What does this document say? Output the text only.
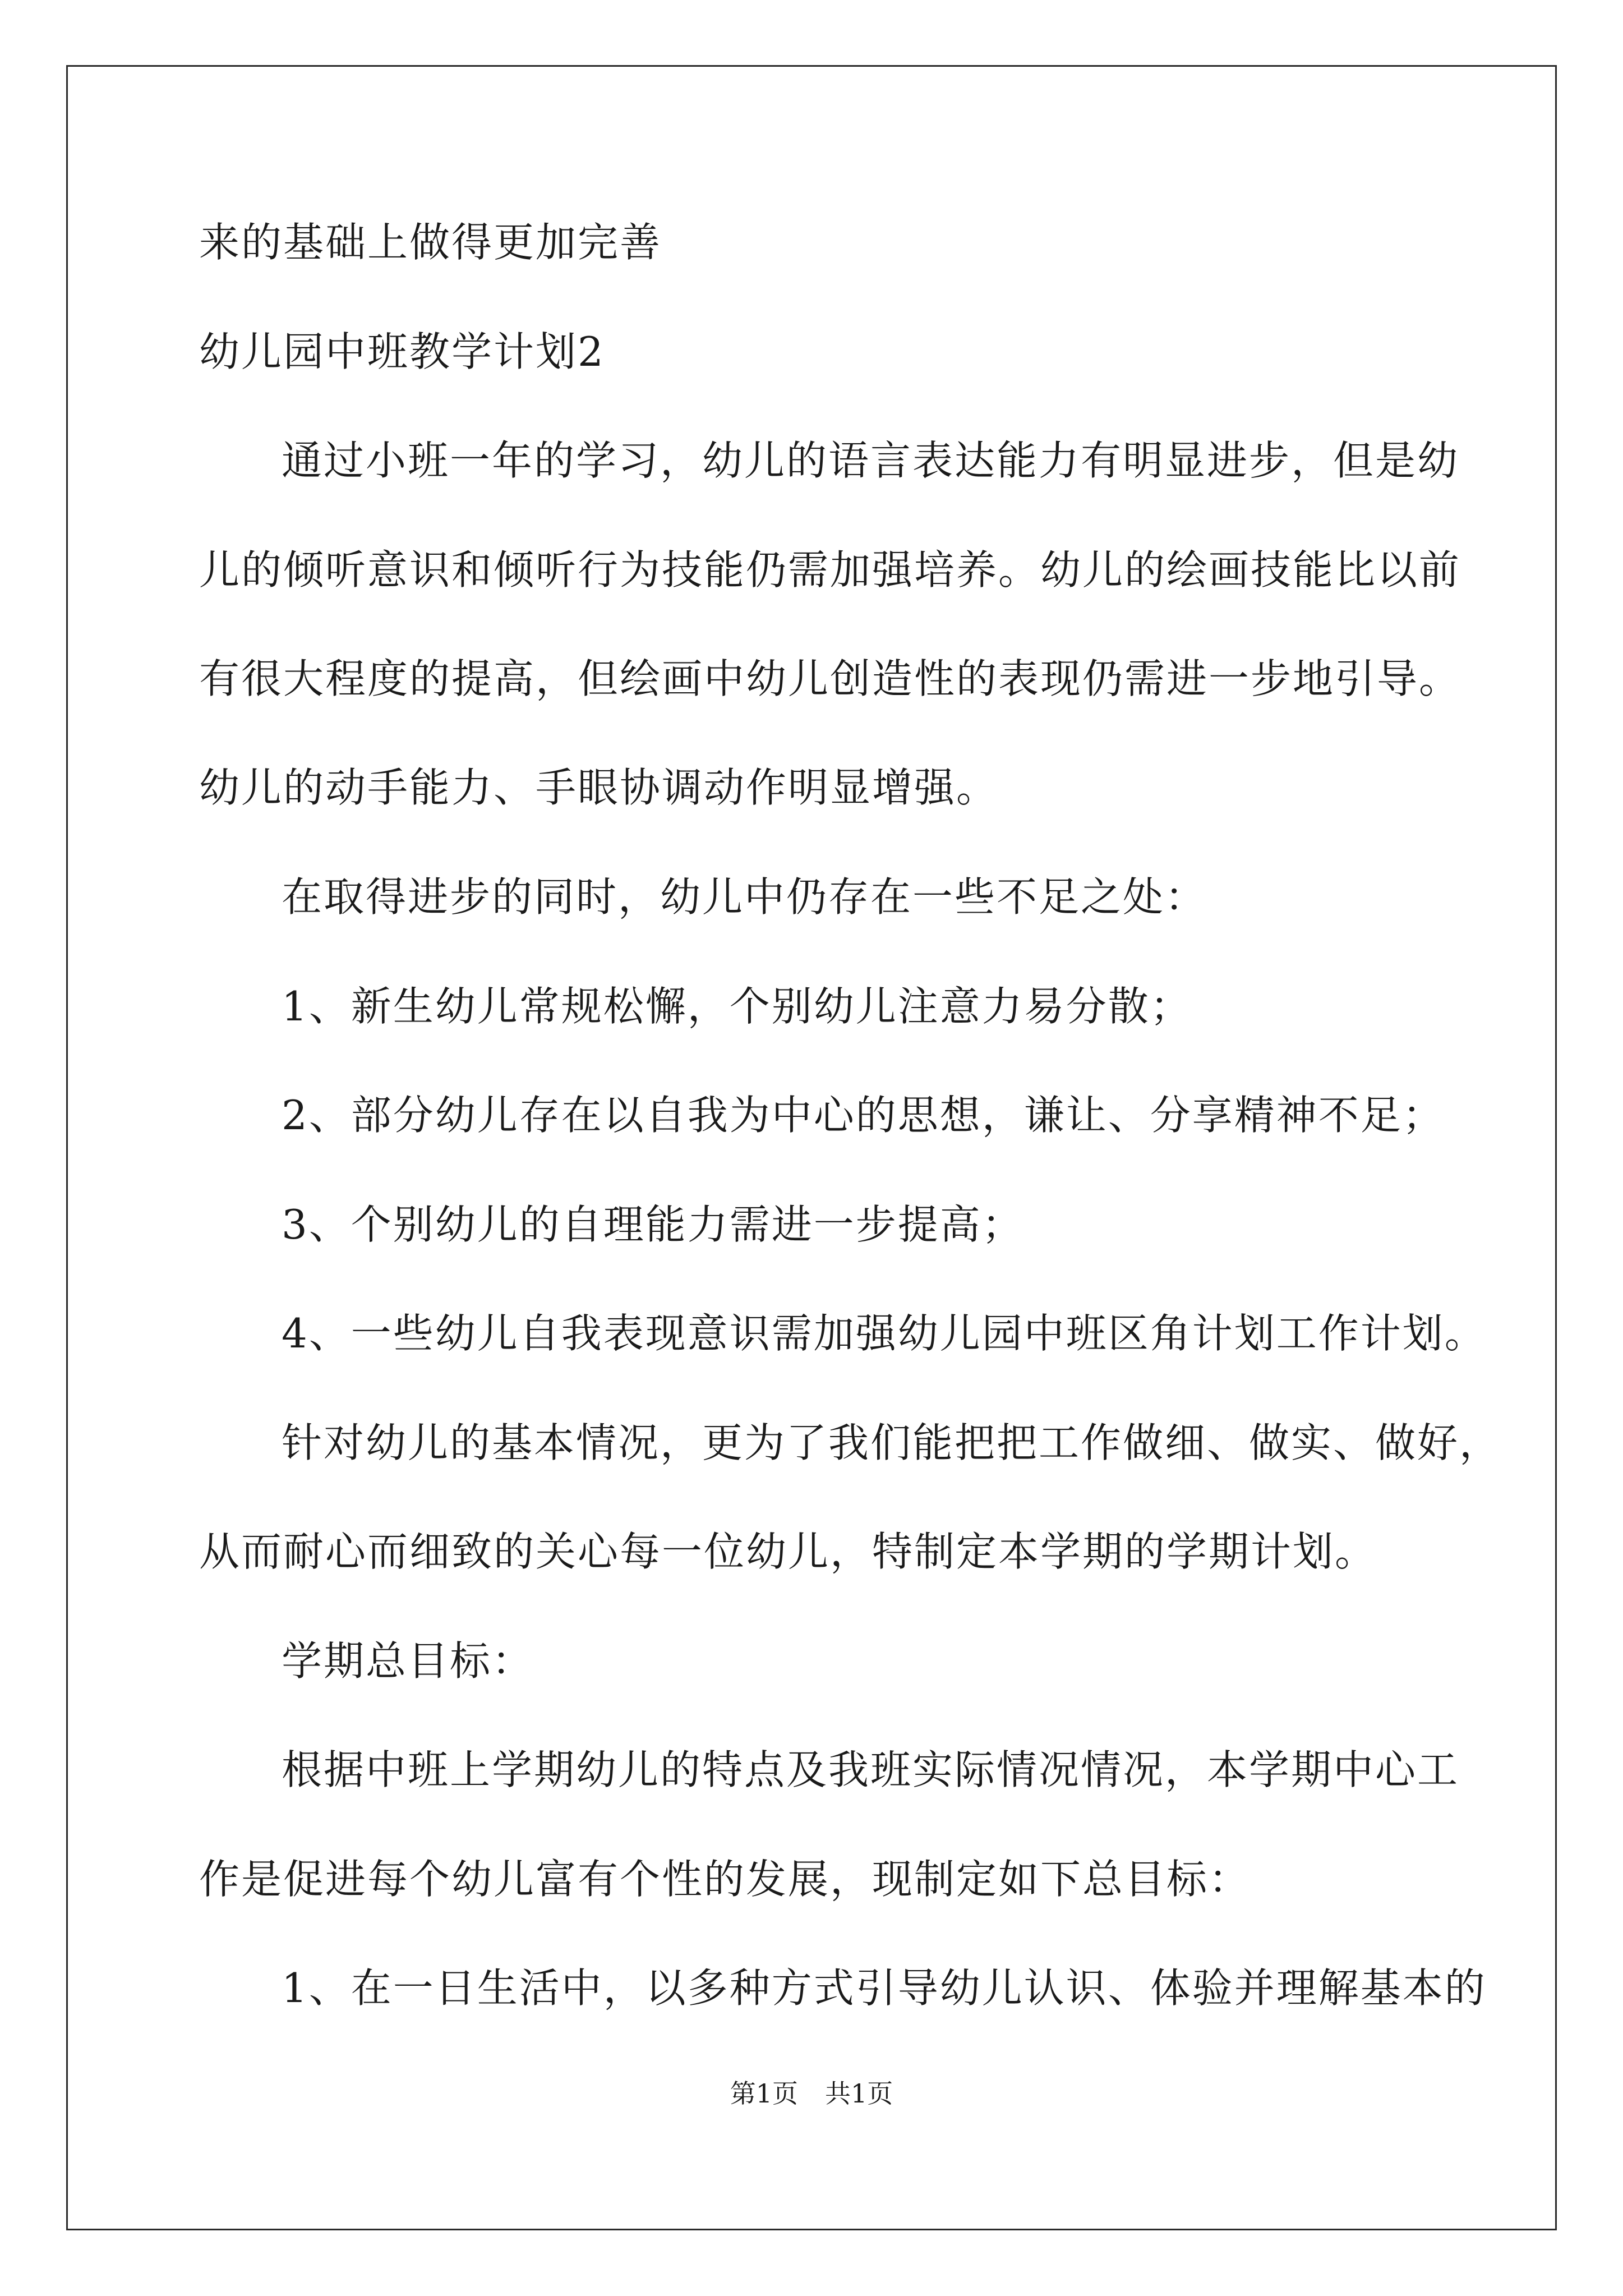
来的基础上做得更加完善
幼儿园中班教学计划2
通过小班一年的学习，幼儿的语言表达能力有明显进步，但是幼
儿的倾听意识和倾听行为技能仍需加强培养。幼儿的绘画技能比以前
有很大程度的提高，但绘画中幼儿创造性的表现仍需进一步地引导。
幼儿的动手能力、手眼协调动作明显增强。
在取得进步的同时，幼儿中仍存在一些不足之处：
1、新生幼儿常规松懈，个别幼儿注意力易分散；
2、部分幼儿存在以自我为中心的思想，谦让、分享精神不足；
3、个别幼儿的自理能力需进一步提高；
4、一些幼儿自我表现意识需加强幼儿园中班区角计划工作计划。
针对幼儿的基本情况，更为了我们能把把工作做细、做实、做好，
从而耐心而细致的关心每一位幼儿，特制定本学期的学期计划。
学期总目标：
根据中班上学期幼儿的特点及我班实际情况情况，本学期中心工
作是促进每个幼儿富有个性的发展，现制定如下总目标：
1、在一日生活中，以多种方式引导幼儿认识、体验并理解基本的
第1页 共1页
